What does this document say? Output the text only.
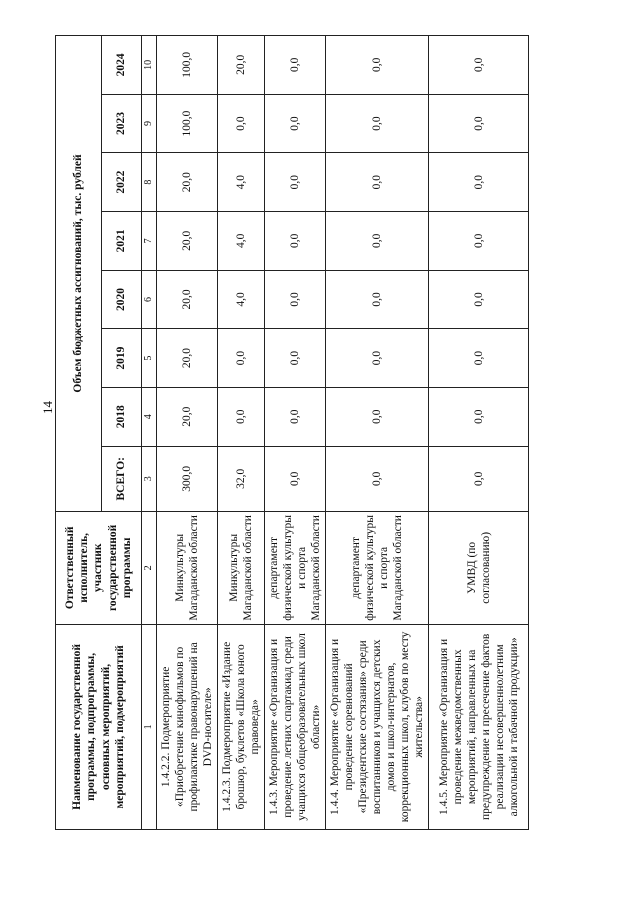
14
Наименование государственной программы, подпрограммы, основных мероприятий, мероприятий, подмероприятий	Ответственный исполнитель, участник государственной программы	Объем бюджетных ассигнований, тыс. рублей							
		ВСЕГО:	2018	2019	2020	2021	2022	2023	2024
1	2	3	4	5	6	7	8	9	10
1.4.2.2. Подмероприятие «Приобретение кинофильмов по профилактике правонарушений на DVD-носителе»	Минкультуры Магаданской области	300,0	20,0	20,0	20,0	20,0	20,0	100,0	100,0
1.4.2.3. Подмероприятие «Издание брошюр, буклетов «Школа юного правоведа»	Минкультуры Магаданской области	32,0	0,0	0,0	4,0	4,0	4,0	0,0	20,0
1.4.3. Мероприятие «Организация и проведение летних спартакиад среди учащихся общеобразовательных школ области»	департамент физической культуры и спорта Магаданской области	0,0	0,0	0,0	0,0	0,0	0,0	0,0	0,0
1.4.4. Мероприятие «Организация и проведение соревнований «Президентские состязания» среди воспитанников и учащихся детских домов и школ-интернатов, коррекционных школ, клубов по месту жительства»	департамент физической культуры и спорта Магаданской области	0,0	0,0	0,0	0,0	0,0	0,0	0,0	0,0
1.4.5. Мероприятие «Организация и проведение межведомственных мероприятий, направленных на предупреждение и пресечение фактов реализации несовершеннолетним алкогольной и табачной продукции»	УМВД (по согласованию)	0,0	0,0	0,0	0,0	0,0	0,0	0,0	0,0
